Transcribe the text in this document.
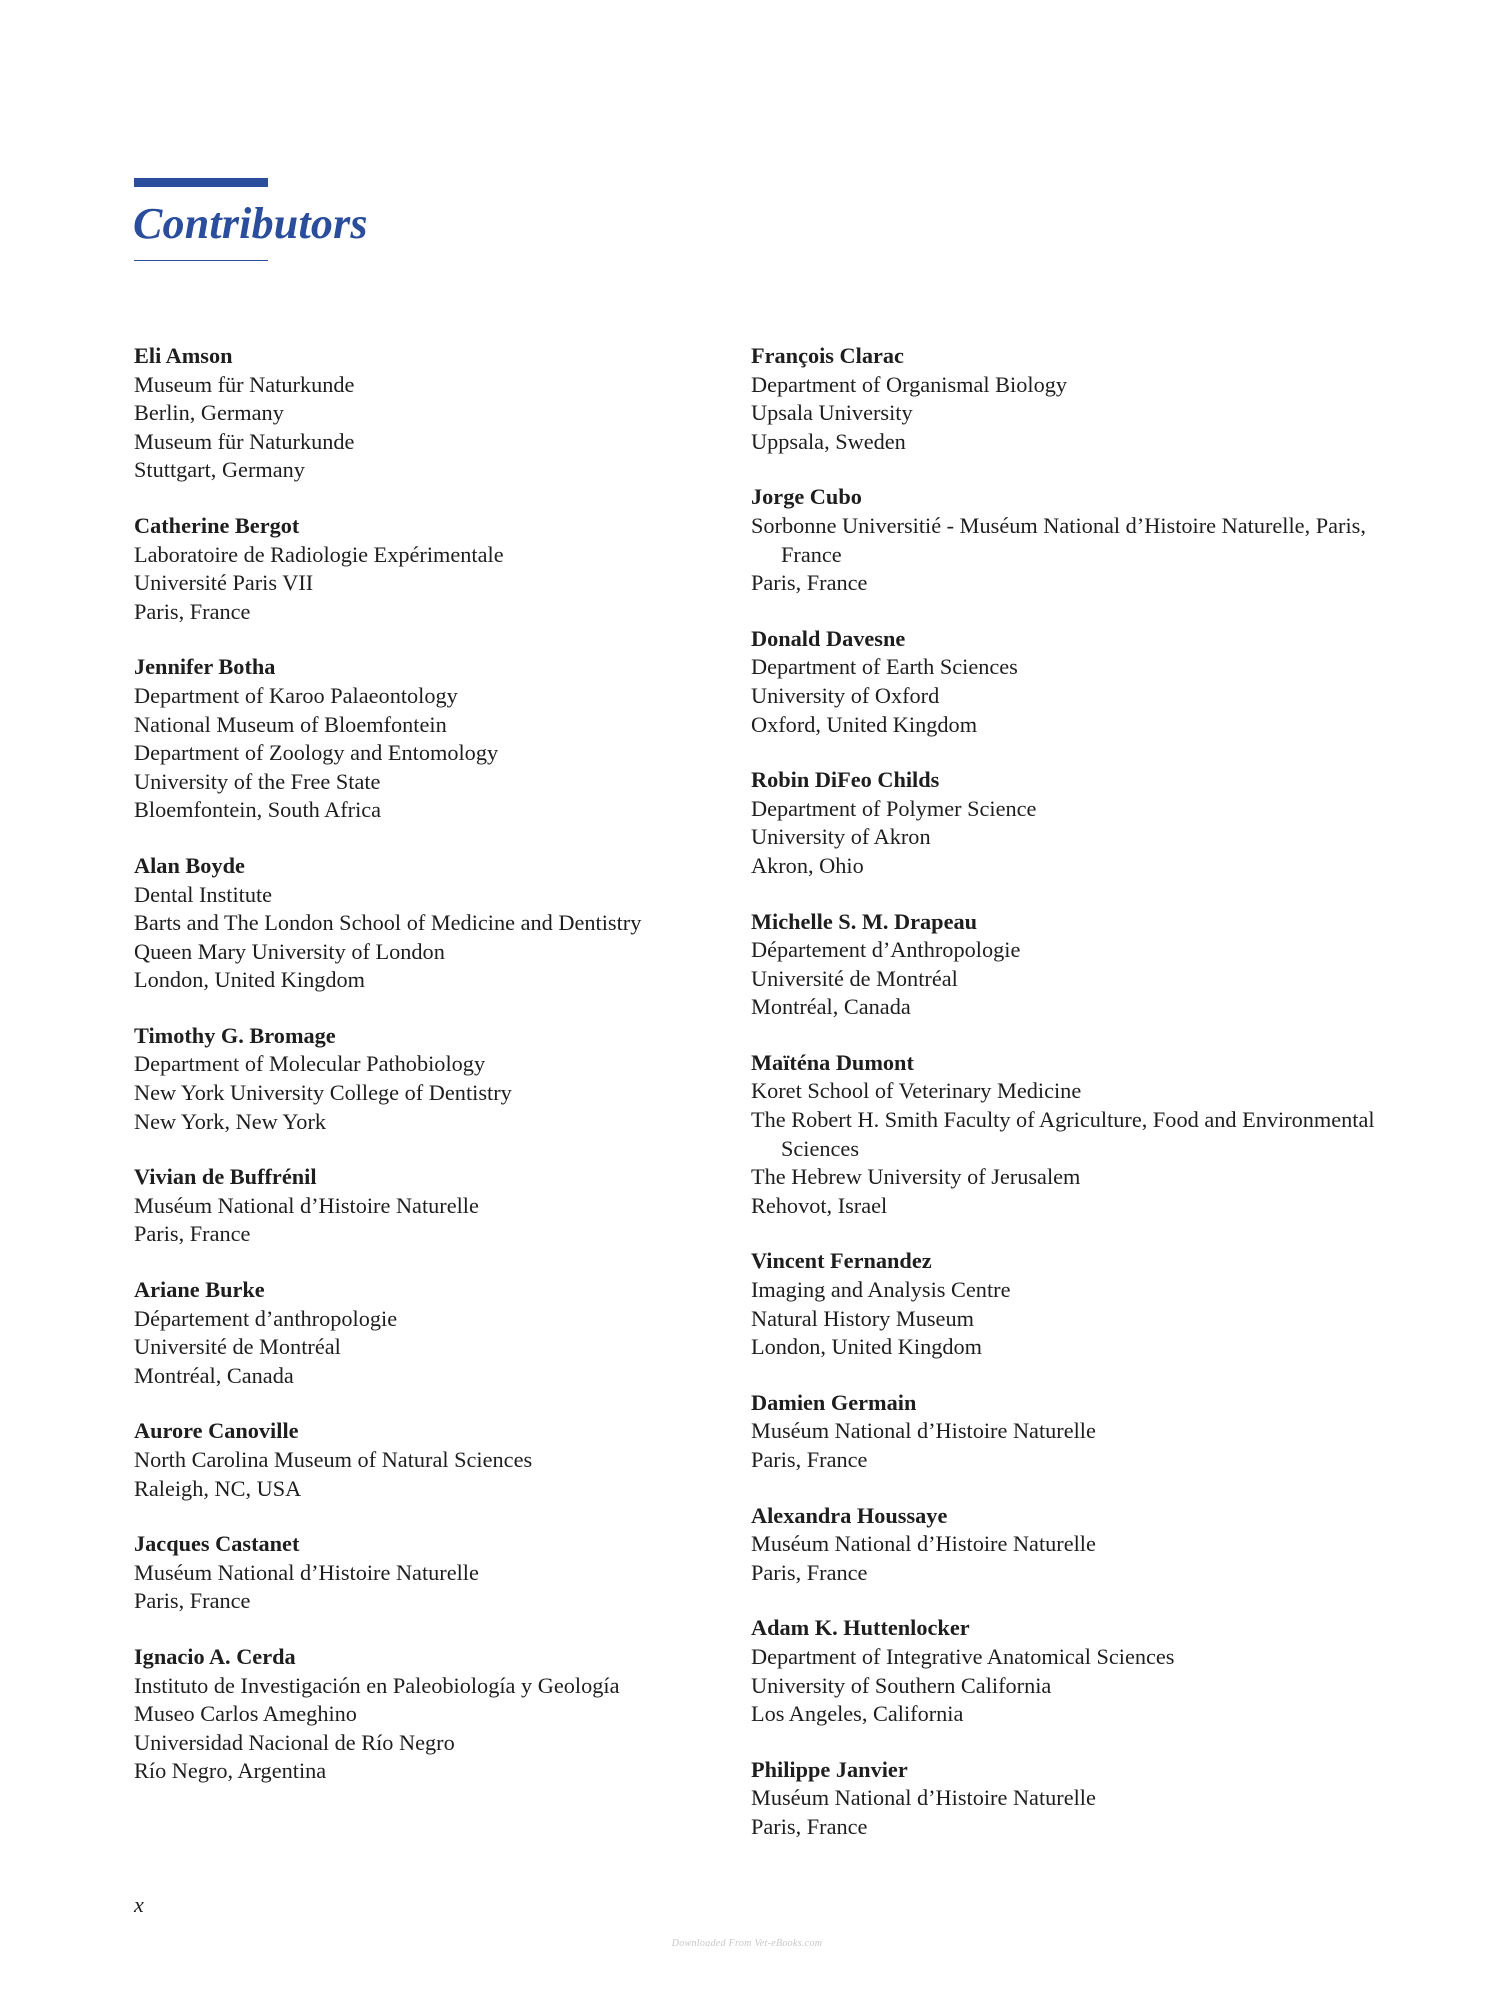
Contributors
Eli Amson
Museum für Naturkunde
Berlin, Germany
Museum für Naturkunde
Stuttgart, Germany
Catherine Bergot
Laboratoire de Radiologie Expérimentale
Université Paris VII
Paris, France
Jennifer Botha
Department of Karoo Palaeontology
National Museum of Bloemfontein
Department of Zoology and Entomology
University of the Free State
Bloemfontein, South Africa
Alan Boyde
Dental Institute
Barts and The London School of Medicine and Dentistry
Queen Mary University of London
London, United Kingdom
Timothy G. Bromage
Department of Molecular Pathobiology
New York University College of Dentistry
New York, New York
Vivian de Buffrénil
Muséum National d’Histoire Naturelle
Paris, France
Ariane Burke
Département d’anthropologie
Université de Montréal
Montréal, Canada
Aurore Canoville
North Carolina Museum of Natural Sciences
Raleigh, NC, USA
Jacques Castanet
Muséum National d’Histoire Naturelle
Paris, France
Ignacio A. Cerda
Instituto de Investigación en Paleobiología y Geología
Museo Carlos Ameghino
Universidad Nacional de Río Negro
Río Negro, Argentina
François Clarac
Department of Organismal Biology
Upsala University
Uppsala, Sweden
Jorge Cubo
Sorbonne Universitié - Muséum National d’Histoire Naturelle, Paris, France
Paris, France
Donald Davesne
Department of Earth Sciences
University of Oxford
Oxford, United Kingdom
Robin DiFeo Childs
Department of Polymer Science
University of Akron
Akron, Ohio
Michelle S. M. Drapeau
Département d’Anthropologie
Université de Montréal
Montréal, Canada
Maïténa Dumont
Koret School of Veterinary Medicine
The Robert H. Smith Faculty of Agriculture, Food and Environmental Sciences
The Hebrew University of Jerusalem
Rehovot, Israel
Vincent Fernandez
Imaging and Analysis Centre
Natural History Museum
London, United Kingdom
Damien Germain
Muséum National d’Histoire Naturelle
Paris, France
Alexandra Houssaye
Muséum National d’Histoire Naturelle
Paris, France
Adam K. Huttenlocker
Department of Integrative Anatomical Sciences
University of Southern California
Los Angeles, California
Philippe Janvier
Muséum National d’Histoire Naturelle
Paris, France
x
Downloaded From Vet-eBooks.com
